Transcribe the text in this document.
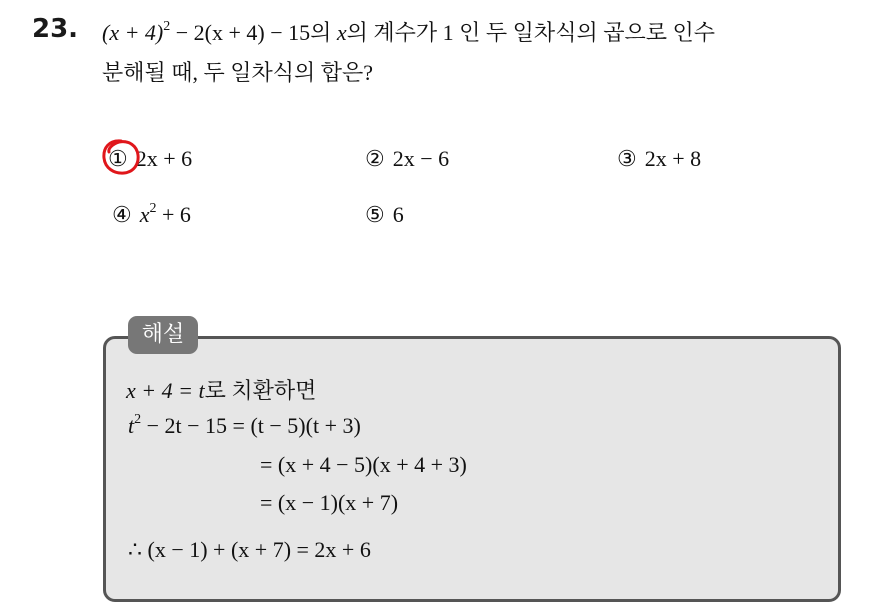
23. $(x + 4)^2 - 2(x + 4) - 15$의 x의 계수가 1 인 두 일차식의 곱으로 인수
분해될 때, 두 일차식의 합은?
① 2x + 6	② 2x − 6	③ 2x + 8
④ $x^2 + 6$	⑤ 6
해설
x + 4 = t로 치환하면
$t^2 - 2t - 15 = (t - 5)(t + 3)$
= (x + 4 − 5)(x + 4 + 3)
= (x − 1)(x + 7)
∴ (x − 1) + (x + 7) = 2x + 6
